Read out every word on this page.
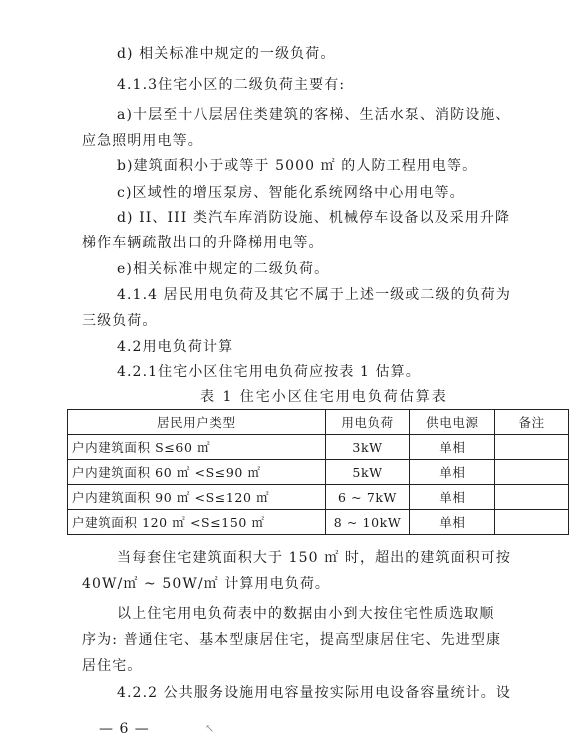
d) 相关标准中规定的一级负荷。
4.1.3住宅小区的二级负荷主要有:
a)十层至十八层居住类建筑的客梯、生活水泵、消防设施、
应急照明用电等。
b)建筑面积小于或等于 5000 ㎡ 的人防工程用电等。
c)区域性的增压泵房、智能化系统网络中心用电等。
d) II、III 类汽车库消防设施、机械停车设备以及采用升降
梯作车辆疏散出口的升降梯用电等。
e)相关标准中规定的二级负荷。
4.1.4 居民用电负荷及其它不属于上述一级或二级的负荷为
三级负荷。
4.2用电负荷计算
4.2.1住宅小区住宅用电负荷应按表 1 估算。
表 1 住宅小区住宅用电负荷估算表
居民用户类型	用电负荷	供电电源	备注
户内建筑面积 S≤60 ㎡	3kW	单相	
户内建筑面积 60 ㎡ <S≤90 ㎡	5kW	单相	
户内建筑面积 90 ㎡ <S≤120 ㎡	6 ~ 7kW	单相	
户建筑面积 120 ㎡ <S≤150 ㎡	8 ~ 10kW	单相	
当每套住宅建筑面积大于 150 ㎡ 时，超出的建筑面积可按
40W/㎡ ~ 50W/㎡ 计算用电负荷。
以上住宅用电负荷表中的数据由小到大按住宅性质选取顺
序为: 普通住宅、基本型康居住宅，提高型康居住宅、先进型康
居住宅。
4.2.2 公共服务设施用电容量按实际用电设备容量统计。设
— 6 —	↖
